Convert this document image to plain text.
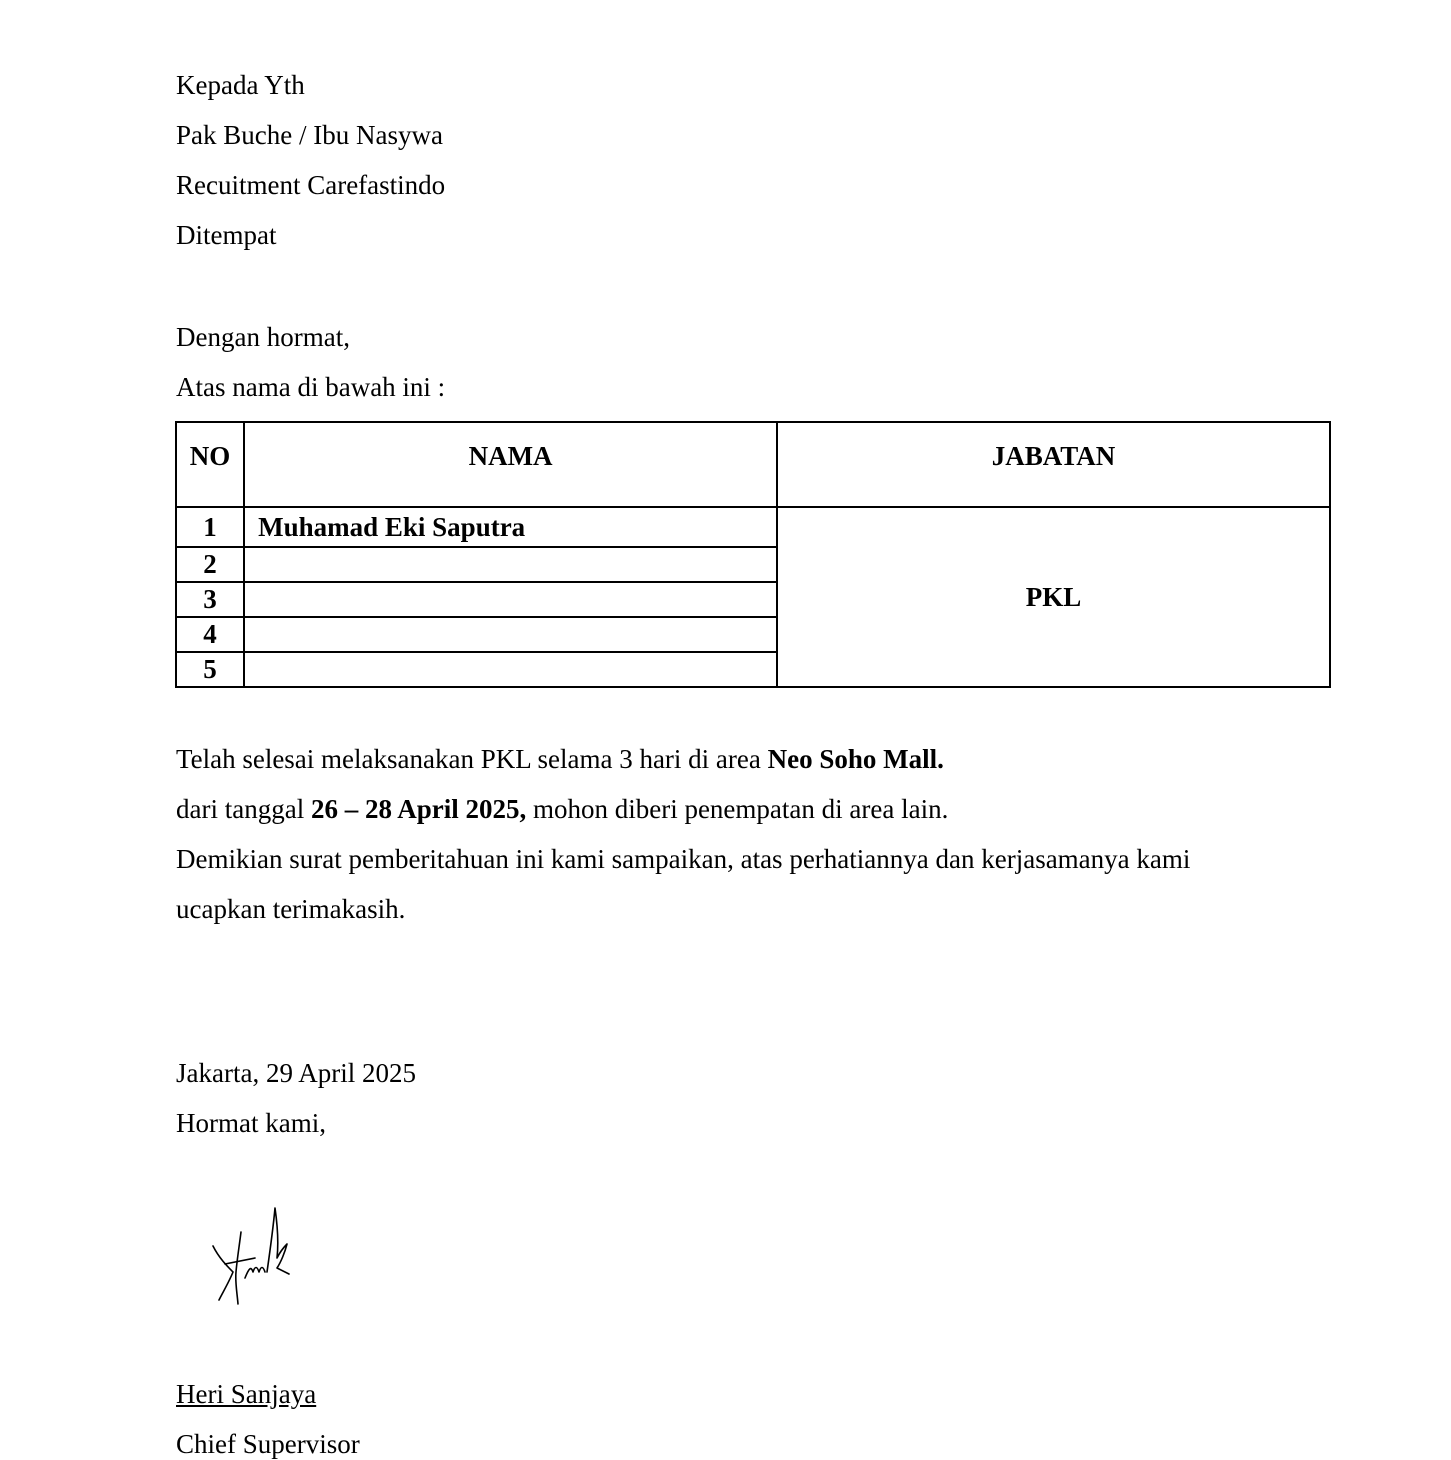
Kepada Yth
Pak Buche / Ibu Nasywa
Recuitment Carefastindo
Ditempat
Dengan hormat,
Atas nama di bawah ini :
NO	NAMA	JABATAN
1	Muhamad Eki Saputra	PKL
2		
3		
4		
5		
Telah selesai melaksanakan PKL selama 3 hari di area Neo Soho Mall.
dari tanggal 26 – 28 April 2025, mohon diberi penempatan di area lain.
Demikian surat pemberitahuan ini kami sampaikan, atas perhatiannya dan kerjasamanya kami
ucapkan terimakasih.
Jakarta, 29 April 2025
Hormat kami,
Heri Sanjaya
Chief Supervisor
